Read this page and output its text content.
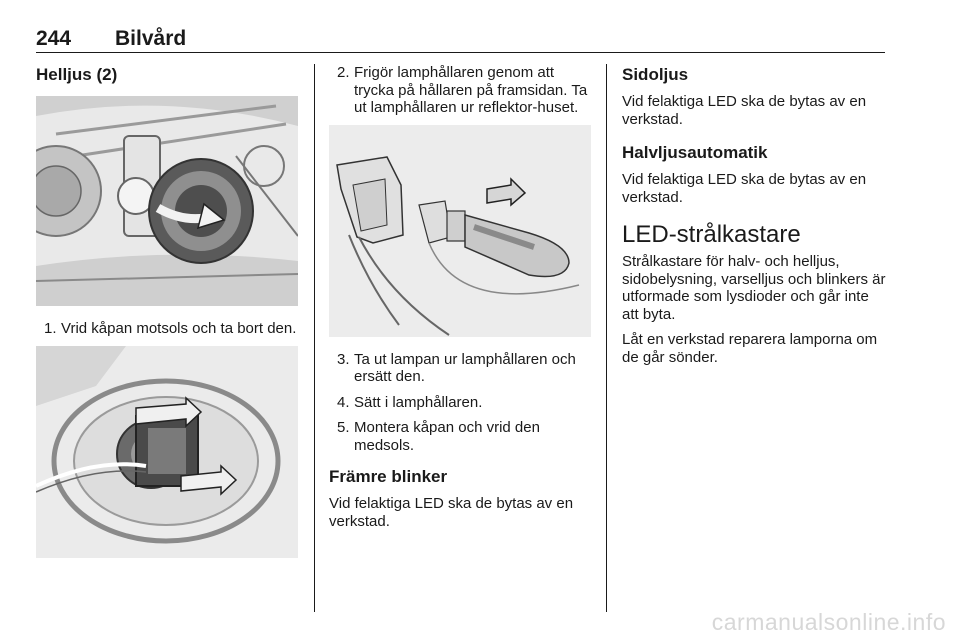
244 Bilvård
Helljus (2)
1. Vrid kåpan motsols och ta bort den.
2. Frigör lamphållaren genom att trycka på hållaren på framsidan. Ta ut lamphållaren ur reflektor-huset.
3. Ta ut lampan ur lamphållaren och ersätt den.
4. Sätt i lamphållaren.
5. Montera kåpan och vrid den medsols.
Främre blinker

Vid felaktiga LED ska de bytas av en verkstad.

Sidoljus

Vid felaktiga LED ska de bytas av en verkstad.

Halvljusautomatik

Vid felaktiga LED ska de bytas av en verkstad.

LED-strålkastare

Strålkastare för halv- och helljus, sidobelysning, varselljus och blinkers är utformade som lysdioder och går inte att byta.

Låt en verkstad reparera lamporna om de går sönder.

carmanualsonline.info
